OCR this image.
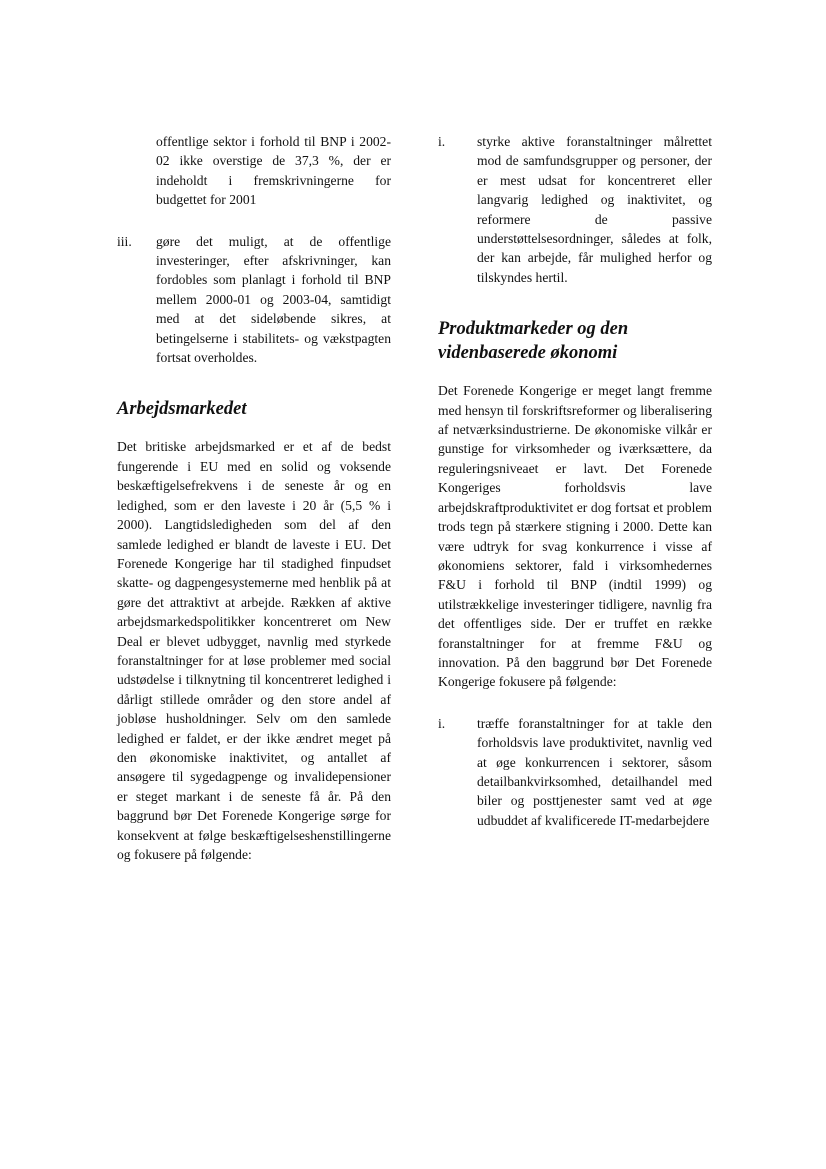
offentlige sektor i forhold til BNP i 2002-02 ikke overstige de 37,3 %, der er indeholdt i fremskrivningerne for budgettet for 2001

iii. gøre det muligt, at de offentlige investeringer, efter afskrivninger, kan fordobles som planlagt i forhold til BNP mellem 2000-01 og 2003-04, samtidigt med at det sideløbende sikres, at betingelserne i stabilitets- og vækstpagten fortsat overholdes.

Arbejdsmarkedet

Det britiske arbejdsmarked er et af de bedst fungerende i EU med en solid og voksende beskæftigelsefrekvens i de seneste år og en ledighed, som er den laveste i 20 år (5,5 % i 2000). Langtidsledigheden som del af den samlede ledighed er blandt de laveste i EU. Det Forenede Kongerige har til stadighed finpudset skatte- og dagpengesystemerne med henblik på at gøre det attraktivt at arbejde. Rækken af aktive arbejdsmarkedspolitikker koncentreret om New Deal er blevet udbygget, navnlig med styrkede foranstaltninger for at løse problemer med social udstødelse i tilknytning til koncentreret ledighed i dårligt stillede områder og den store andel af jobløse husholdninger. Selv om den samlede ledighed er faldet, er der ikke ændret meget på den økonomiske inaktivitet, og antallet af ansøgere til sygedagpenge og invalidepensioner er steget markant i de seneste få år. På den baggrund bør Det Forenede Kongerige sørge for konsekvent at følge beskæftigelseshenstillingerne og fokusere på følgende:

i. styrke aktive foranstaltninger målrettet mod de samfundsgrupper og personer, der er mest udsat for koncentreret eller langvarig ledighed og inaktivitet, og reformere de passive understøttelsesordninger, således at folk, der kan arbejde, får mulighed herfor og tilskyndes hertil.

Produktmarkeder og den
videnbaserede økonomi

Det Forenede Kongerige er meget langt fremme med hensyn til forskriftsreformer og liberalisering af netværksindustrierne. De økonomiske vilkår er gunstige for virksomheder og iværksættere, da reguleringsniveaet er lavt. Det Forenede Kongeriges forholdsvis lave arbejdskraftproduktivitet er dog fortsat et problem trods tegn på stærkere stigning i 2000. Dette kan være udtryk for svag konkurrence i visse af økonomiens sektorer, fald i virksomhedernes F&U i forhold til BNP (indtil 1999) og utilstrækkelige investeringer tidligere, navnlig fra det offentliges side. Der er truffet en række foranstaltninger for at fremme F&U og innovation. På den baggrund bør Det Forenede Kongerige fokusere på følgende:

i. træffe foranstaltninger for at takle den forholdsvis lave produktivitet, navnlig ved at øge konkurrencen i sektorer, såsom detailbankvirksomhed, detailhandel med biler og posttjenester samt ved at øge udbuddet af kvalificerede IT-medarbejdere
